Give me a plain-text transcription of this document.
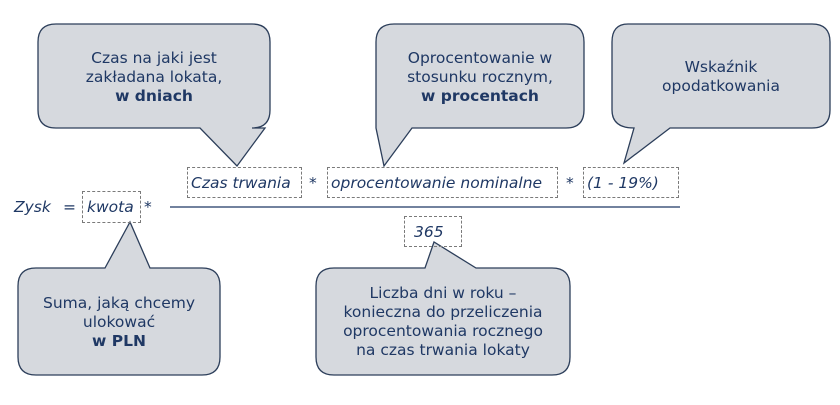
Czas na jaki jest
zakładana lokata,
w dniach
Oprocentowanie w
stosunku rocznym,
w procentach
Wskaźnik
opodatkowania
Suma, jaką chcemy
ulokować
w PLN
Liczba dni w roku –
konieczna do przeliczenia
oprocentowania rocznego
na czas trwania lokaty
Zysk = kwota *
Czas trwania * oprocentowanie nominalne * (1 - 19%)
365
